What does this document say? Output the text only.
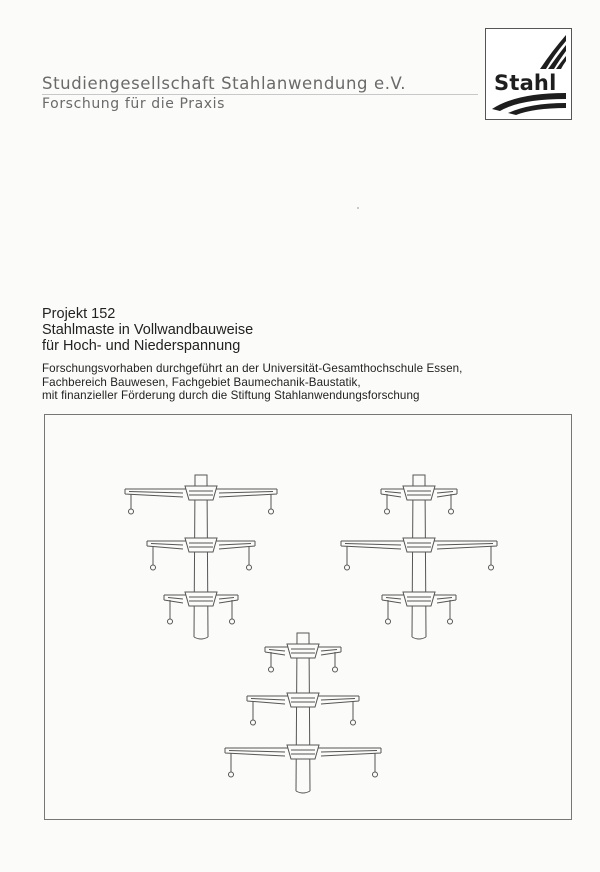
Studiengesellschaft Stahlanwendung e.V.
Forschung für die Praxis
Stahl
Projekt 152
Stahlmaste in Vollwandbauweise
für Hoch- und Niederspannung
Forschungsvorhaben durchgeführt an der Universität-Gesamthochschule Essen,
Fachbereich Bauwesen, Fachgebiet Baumechanik-Baustatik,
mit finanzieller Förderung durch die Stiftung Stahlanwendungsforschung
